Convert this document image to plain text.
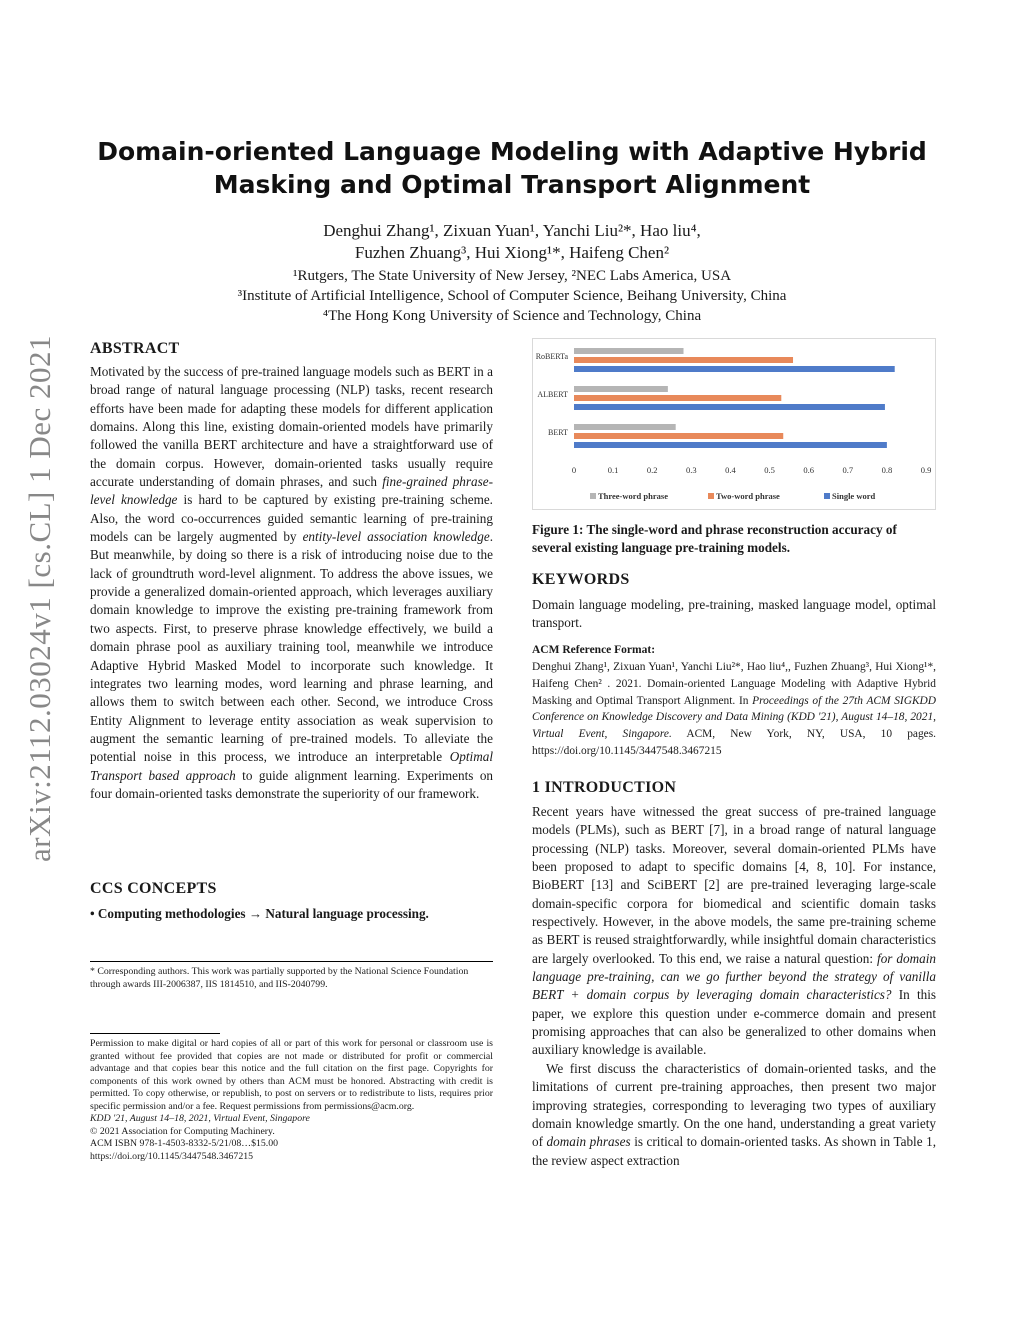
arXiv:2112.03024v1 [cs.CL] 1 Dec 2021
Domain-oriented Language Modeling with Adaptive Hybrid
Masking and Optimal Transport Alignment
Denghui Zhang¹, Zixuan Yuan¹, Yanchi Liu²*, Hao liu⁴,
Fuzhen Zhuang³, Hui Xiong¹*, Haifeng Chen²
¹Rutgers, The State University of New Jersey, ²NEC Labs America, USA
³Institute of Artificial Intelligence, School of Computer Science, Beihang University, China
⁴The Hong Kong University of Science and Technology, China
ABSTRACT
Motivated by the success of pre-trained language models such as BERT in a broad range of natural language processing (NLP) tasks, recent research efforts have been made for adapting these models for different application domains. Along this line, existing domain-oriented models have primarily followed the vanilla BERT architecture and have a straightforward use of the domain corpus. However, domain-oriented tasks usually require accurate understanding of domain phrases, and such fine-grained phrase-level knowledge is hard to be captured by existing pre-training scheme. Also, the word co-occurrences guided semantic learning of pre-training models can be largely augmented by entity-level association knowledge. But meanwhile, by doing so there is a risk of introducing noise due to the lack of groundtruth word-level alignment. To address the above issues, we provide a generalized domain-oriented approach, which leverages auxiliary domain knowledge to improve the existing pre-training framework from two aspects. First, to preserve phrase knowledge effectively, we build a domain phrase pool as auxiliary training tool, meanwhile we introduce Adaptive Hybrid Masked Model to incorporate such knowledge. It integrates two learning modes, word learning and phrase learning, and allows them to switch between each other. Second, we introduce Cross Entity Alignment to leverage entity association as weak supervision to augment the semantic learning of pre-trained models. To alleviate the potential noise in this process, we introduce an interpretable Optimal Transport based approach to guide alignment learning. Experiments on four domain-oriented tasks demonstrate the superiority of our framework.
CCS CONCEPTS
• Computing methodologies → Natural language processing.
* Corresponding authors. This work was partially supported by the National Science Foundation through awards III-2006387, IIS 1814510, and IIS-2040799.
Permission to make digital or hard copies of all or part of this work for personal or classroom use is granted without fee provided that copies are not made or distributed for profit or commercial advantage and that copies bear this notice and the full citation on the first page. Copyrights for components of this work owned by others than ACM must be honored. Abstracting with credit is permitted. To copy otherwise, or republish, to post on servers or to redistribute to lists, requires prior specific permission and/or a fee. Request permissions from permissions@acm.org.
KDD '21, August 14–18, 2021, Virtual Event, Singapore
© 2021 Association for Computing Machinery.
ACM ISBN 978-1-4503-8332-5/21/08…$15.00
https://doi.org/10.1145/3447548.3467215
RoBERTa
ALBERT
BERT
0	0.1	0.2	0.3	0.4	0.5	0.6	0.7	0.8	0.9
Three-word phrase	Two-word phrase	Single word
Figure 1: The single-word and phrase reconstruction accuracy of several existing language pre-training models.
KEYWORDS
Domain language modeling, pre-training, masked language model, optimal transport.
ACM Reference Format:
Denghui Zhang¹, Zixuan Yuan¹, Yanchi Liu²*, Hao liu⁴,, Fuzhen Zhuang³, Hui Xiong¹*, Haifeng Chen² . 2021. Domain-oriented Language Modeling with Adaptive Hybrid Masking and Optimal Transport Alignment. In Proceedings of the 27th ACM SIGKDD Conference on Knowledge Discovery and Data Mining (KDD '21), August 14–18, 2021, Virtual Event, Singapore. ACM, New York, NY, USA, 10 pages. https://doi.org/10.1145/3447548.3467215
1 INTRODUCTION
Recent years have witnessed the great success of pre-trained language models (PLMs), such as BERT [7], in a broad range of natural language processing (NLP) tasks. Moreover, several domain-oriented PLMs have been proposed to adapt to specific domains [4, 8, 10]. For instance, BioBERT [13] and SciBERT [2] are pre-trained leveraging large-scale domain-specific corpora for biomedical and scientific domain tasks respectively. However, in the above models, the same pre-training scheme as BERT is reused straightforwardly, while insightful domain characteristics are largely overlooked. To this end, we raise a natural question: for domain language pre-training, can we go further beyond the strategy of vanilla BERT + domain corpus by leveraging domain characteristics? In this paper, we explore this question under e-commerce domain and present promising approaches that can also be generalized to other domains when auxiliary knowledge is available.
We first discuss the characteristics of domain-oriented tasks, and the limitations of current pre-training approaches, then present two major improving strategies, corresponding to leveraging two types of auxiliary domain knowledge smartly. On the one hand, understanding a great variety of domain phrases is critical to domain-oriented tasks. As shown in Table 1, the review aspect extraction
